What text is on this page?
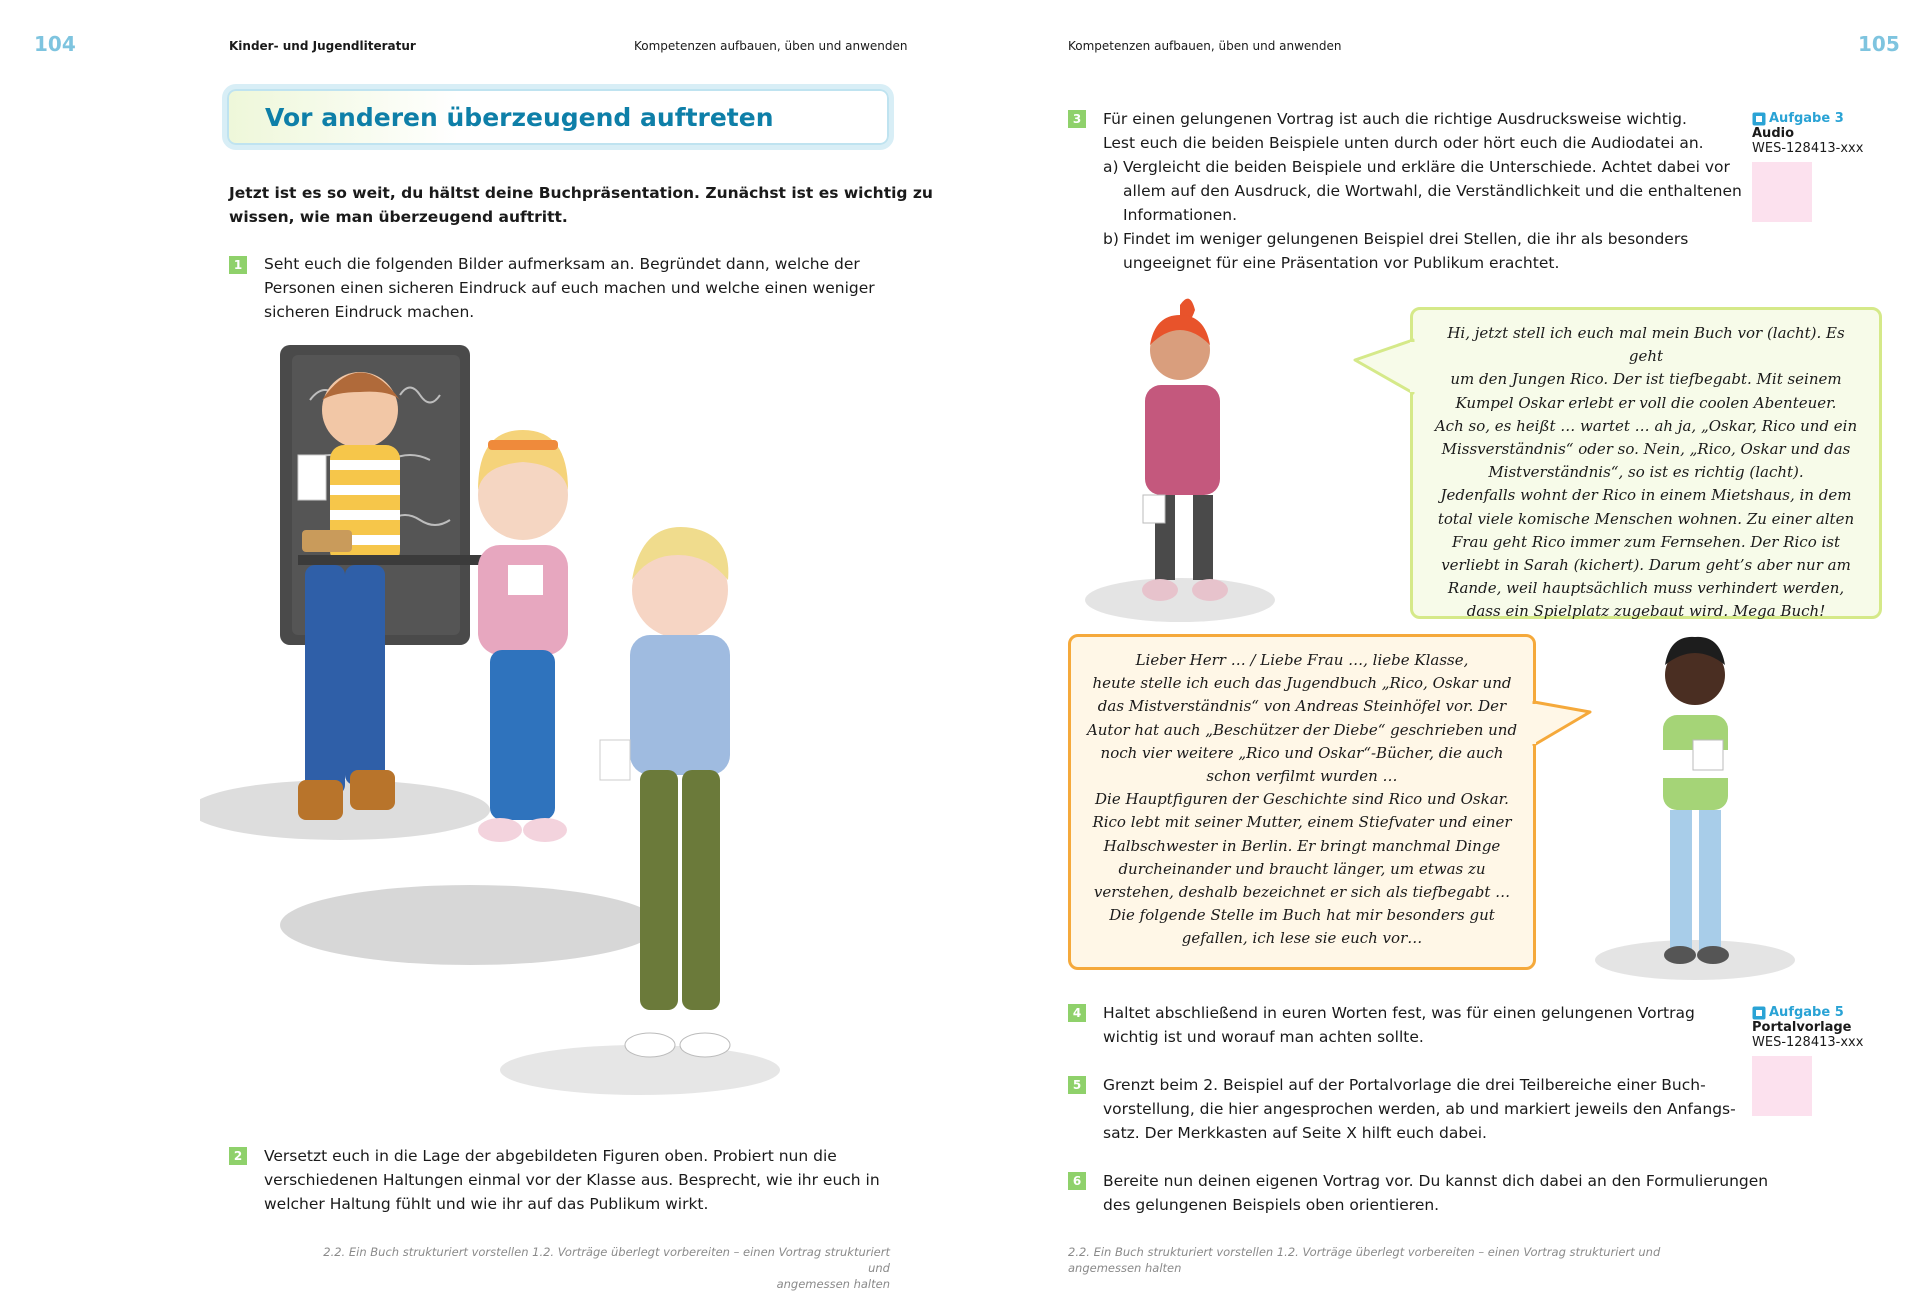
104	Kinder- und Jugendliteratur	Kompetenzen aufbauen, üben und anwenden
Vor anderen überzeugend auftreten
Jetzt ist es so weit, du hältst deine Buchpräsentation. Zunächst ist es wichtig zu
wissen, wie man überzeugend auftritt.
1	Seht euch die folgenden Bilder aufmerksam an. Begründet dann, welche der
Personen einen sicheren Eindruck auf euch machen und welche einen weniger
sicheren Eindruck machen.
2	Versetzt euch in die Lage der abgebildeten Figuren oben. Probiert nun die
verschiedenen Haltungen einmal vor der Klasse aus. Besprecht, wie ihr euch in
welcher Haltung fühlt und wie ihr auf das Publikum wirkt.
2.2. Ein Buch strukturiert vorstellen 1.2. Vorträge überlegt vorbereiten – einen Vortrag strukturiert und
angemessen halten
Kompetenzen aufbauen, üben und anwenden	105
3	Für einen gelungenen Vortrag ist auch die richtige Ausdrucksweise wichtig.
Lest euch die beiden Beispiele unten durch oder hört euch die Audiodatei an.
a) Vergleicht die beiden Beispiele und erkläre die Unterschiede. Achtet dabei vor
allem auf den Ausdruck, die Wortwahl, die Verständlichkeit und die enthaltenen
Informationen.
b) Findet im weniger gelungenen Beispiel drei Stellen, die ihr als besonders
ungeeignet für eine Präsentation vor Publikum erachtet.
Aufgabe 3
Audio
WES-128413-xxx

Hi, jetzt stell ich euch mal mein Buch vor (lacht). Es geht

um den Jungen Rico. Der ist tiefbegabt. Mit seinem

Kumpel Oskar erlebt er voll die coolen Abenteuer.

Ach so, es heißt … wartet … ah ja, „Oskar, Rico und ein

Missverständnis“ oder so. Nein, „Rico, Oskar und das

Mistverständnis“, so ist es richtig (lacht).

Jedenfalls wohnt der Rico in einem Mietshaus, in dem

total viele komische Menschen wohnen. Zu einer alten

Frau geht Rico immer zum Fernsehen. Der Rico ist

verliebt in Sarah (kichert). Darum geht’s aber nur am

Rande, weil hauptsächlich muss verhindert werden,

dass ein Spielplatz zugebaut wird. Mega Buch!

Lieber Herr … / Liebe Frau …, liebe Klasse,

heute stelle ich euch das Jugendbuch „Rico, Oskar und

das Mistverständnis“ von Andreas Steinhöfel vor. Der

Autor hat auch „Beschützer der Diebe“ geschrieben und

noch vier weitere „Rico und Oskar“-Bücher, die auch

schon verfilmt wurden …

Die Hauptfiguren der Geschichte sind Rico und Oskar.

Rico lebt mit seiner Mutter, einem Stiefvater und einer

Halbschwester in Berlin. Er bringt manchmal Dinge

durcheinander und braucht länger, um etwas zu

verstehen, deshalb bezeichnet er sich als tiefbegabt …

Die folgende Stelle im Buch hat mir besonders gut

gefallen, ich lese sie euch vor…

4	Haltet abschließend in euren Worten fest, was für einen gelungenen Vortrag
wichtig ist und worauf man achten sollte.
Aufgabe 5
Portalvorlage
WES-128413-xxx
5	Grenzt beim 2. Beispiel auf der Portalvorlage die drei Teilbereiche einer Buch-
vorstellung, die hier angesprochen werden, ab und markiert jeweils den Anfangs-
satz. Der Merkkasten auf Seite X hilft euch dabei.
6	Bereite nun deinen eigenen Vortrag vor. Du kannst dich dabei an den Formulierungen
des gelungenen Beispiels oben orientieren.
2.2. Ein Buch strukturiert vorstellen 1.2. Vorträge überlegt vorbereiten – einen Vortrag strukturiert und
angemessen halten
